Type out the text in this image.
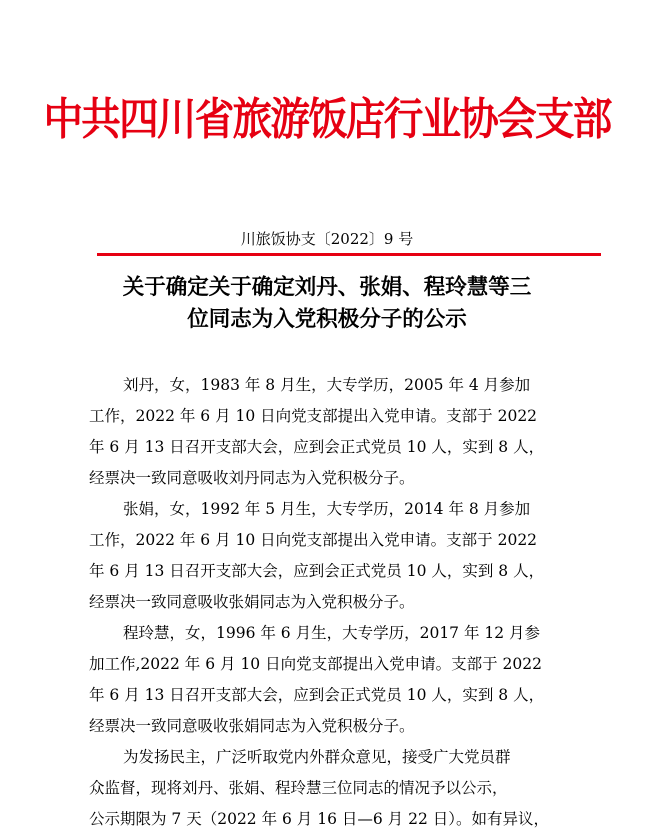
中共四川省旅游饭店行业协会支部
川旅饭协支〔2022〕9 号
关于确定关于确定刘丹、张娟、程玲慧等三
位同志为入党积极分子的公示
刘丹，女，1983 年 8 月生，大专学历，2005 年 4 月参加
工作，2022 年 6 月 10 日向党支部提出入党申请。支部于 2022
年 6 月 13 日召开支部大会，应到会正式党员 10 人，实到 8 人，
经票决一致同意吸收刘丹同志为入党积极分子。
张娟，女，1992 年 5 月生，大专学历，2014 年 8 月参加
工作，2022 年 6 月 10 日向党支部提出入党申请。支部于 2022
年 6 月 13 日召开支部大会，应到会正式党员 10 人，实到 8 人，
经票决一致同意吸收张娟同志为入党积极分子。
程玲慧，女，1996 年 6 月生，大专学历，2017 年 12 月参
加工作,2022 年 6 月 10 日向党支部提出入党申请。支部于 2022
年 6 月 13 日召开支部大会，应到会正式党员 10 人，实到 8 人，
经票决一致同意吸收张娟同志为入党积极分子。
为发扬民主，广泛听取党内外群众意见，接受广大党员群
众监督，现将刘丹、张娟、程玲慧三位同志的情况予以公示，
公示期限为 7 天（2022 年 6 月 16 日—6 月 22 日）。如有异议，
